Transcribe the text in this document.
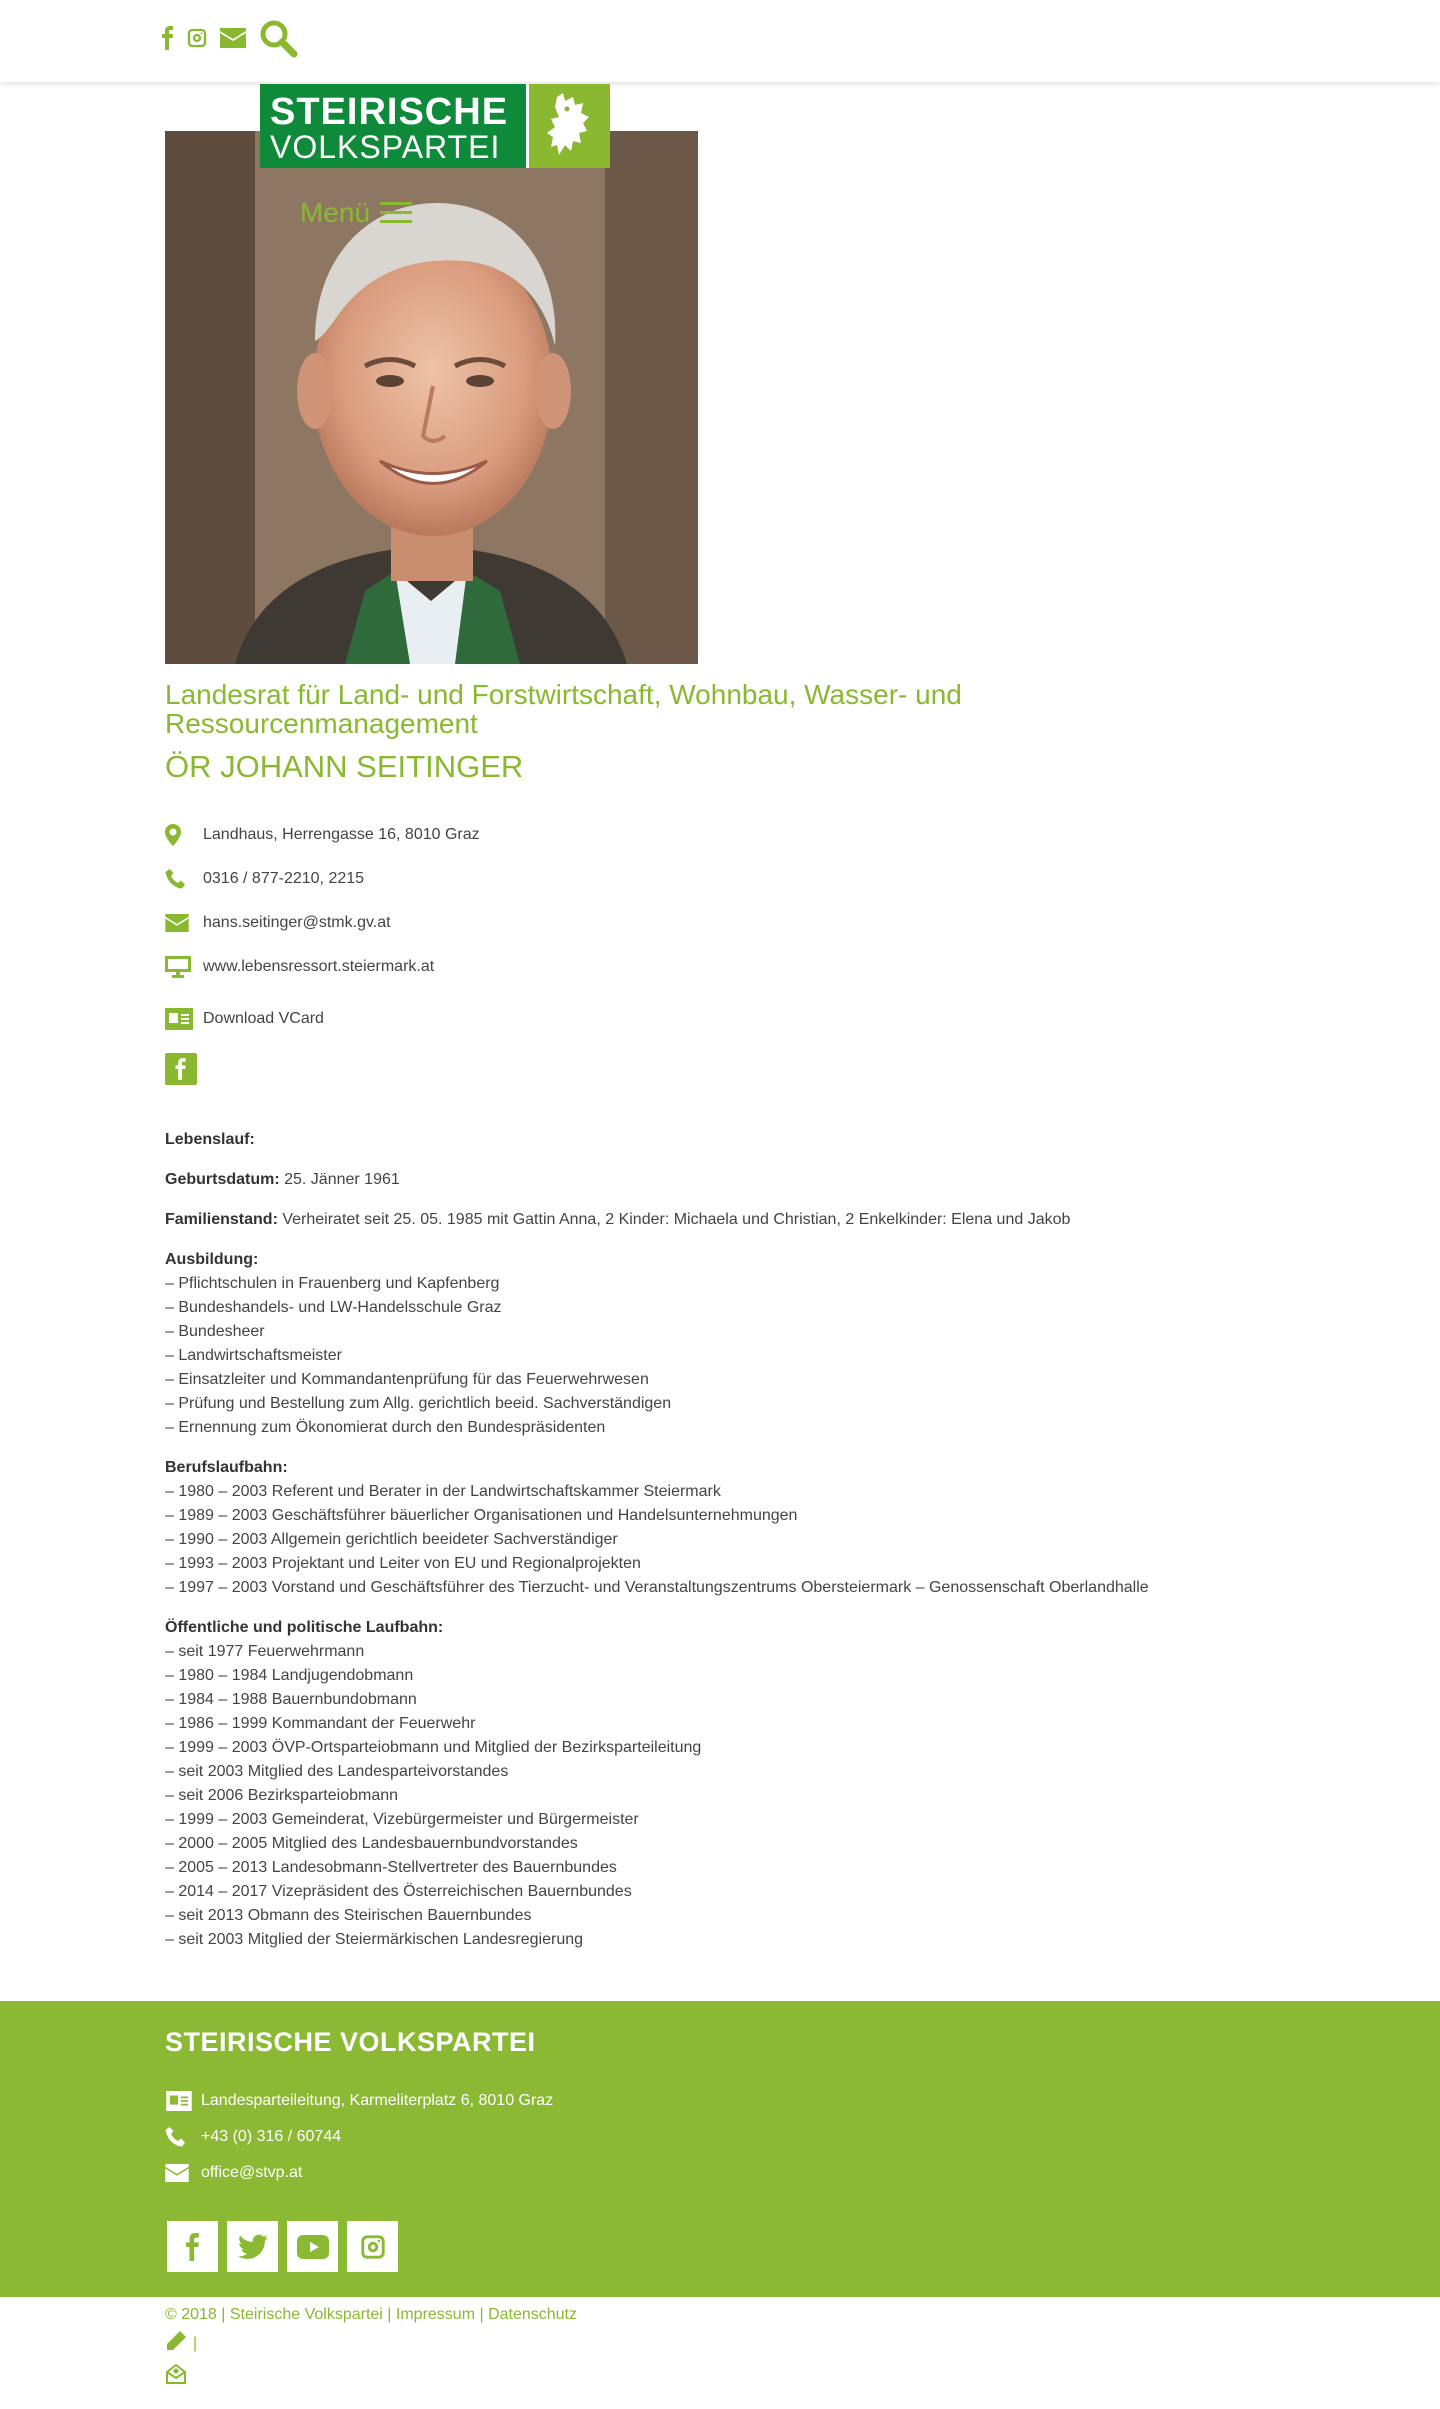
STEIRISCHE
VOLKSPARTEI
Menü
Landesrat für Land- und Forstwirtschaft, Wohnbau, Wasser- und Ressourcenmanagement
ÖR JOHANN SEITINGER
Landhaus, Herrengasse 16, 8010 Graz
0316 / 877-2210, 2215
hans.seitinger@stmk.gv.at
www.lebensressort.steiermark.at
Download VCard

Lebenslauf:

Geburtsdatum: 25. Jänner 1961

Familienstand: Verheiratet seit 25. 05. 1985 mit Gattin Anna, 2 Kinder: Michaela und Christian, 2 Enkelkinder: Elena und Jakob

Ausbildung:
– Pflichtschulen in Frauenberg und Kapfenberg
– Bundeshandels- und LW-Handelsschule Graz
– Bundesheer
– Landwirtschaftsmeister
– Einsatzleiter und Kommandantenprüfung für das Feuerwehrwesen
– Prüfung und Bestellung zum Allg. gerichtlich beeid. Sachverständigen
– Ernennung zum Ökonomierat durch den Bundespräsidenten

Berufslaufbahn:
– 1980 – 2003 Referent und Berater in der Landwirtschaftskammer Steiermark
– 1989 – 2003 Geschäftsführer bäuerlicher Organisationen und Handelsunternehmungen
– 1990 – 2003 Allgemein gerichtlich beeideter Sachverständiger
– 1993 – 2003 Projektant und Leiter von EU und Regionalprojekten
– 1997 – 2003 Vorstand und Geschäftsführer des Tierzucht- und Veranstaltungszentrums Obersteiermark – Genossenschaft Oberlandhalle

Öffentliche und politische Laufbahn:
– seit 1977 Feuerwehrmann
– 1980 – 1984 Landjugendobmann
– 1984 – 1988 Bauernbundobmann
– 1986 – 1999 Kommandant der Feuerwehr
– 1999 – 2003 ÖVP-Ortsparteiobmann und Mitglied der Bezirksparteileitung
– seit 2003 Mitglied des Landesparteivorstandes
– seit 2006 Bezirksparteiobmann
– 1999 – 2003 Gemeinderat, Vizebürgermeister und Bürgermeister
– 2000 – 2005 Mitglied des Landesbauernbundvorstandes
– 2005 – 2013 Landesobmann-Stellvertreter des Bauernbundes
– 2014 – 2017 Vizepräsident des Österreichischen Bauernbundes
– seit 2013 Obmann des Steirischen Bauernbundes
– seit 2003 Mitglied der Steiermärkischen Landesregierung

STEIRISCHE VOLKSPARTEI
Landesparteileitung, Karmeliterplatz 6, 8010 Graz
+43 (0) 316 / 60744
office@stvp.at
© 2018 | Steirische Volkspartei | Impressum | Datenschutz
|
